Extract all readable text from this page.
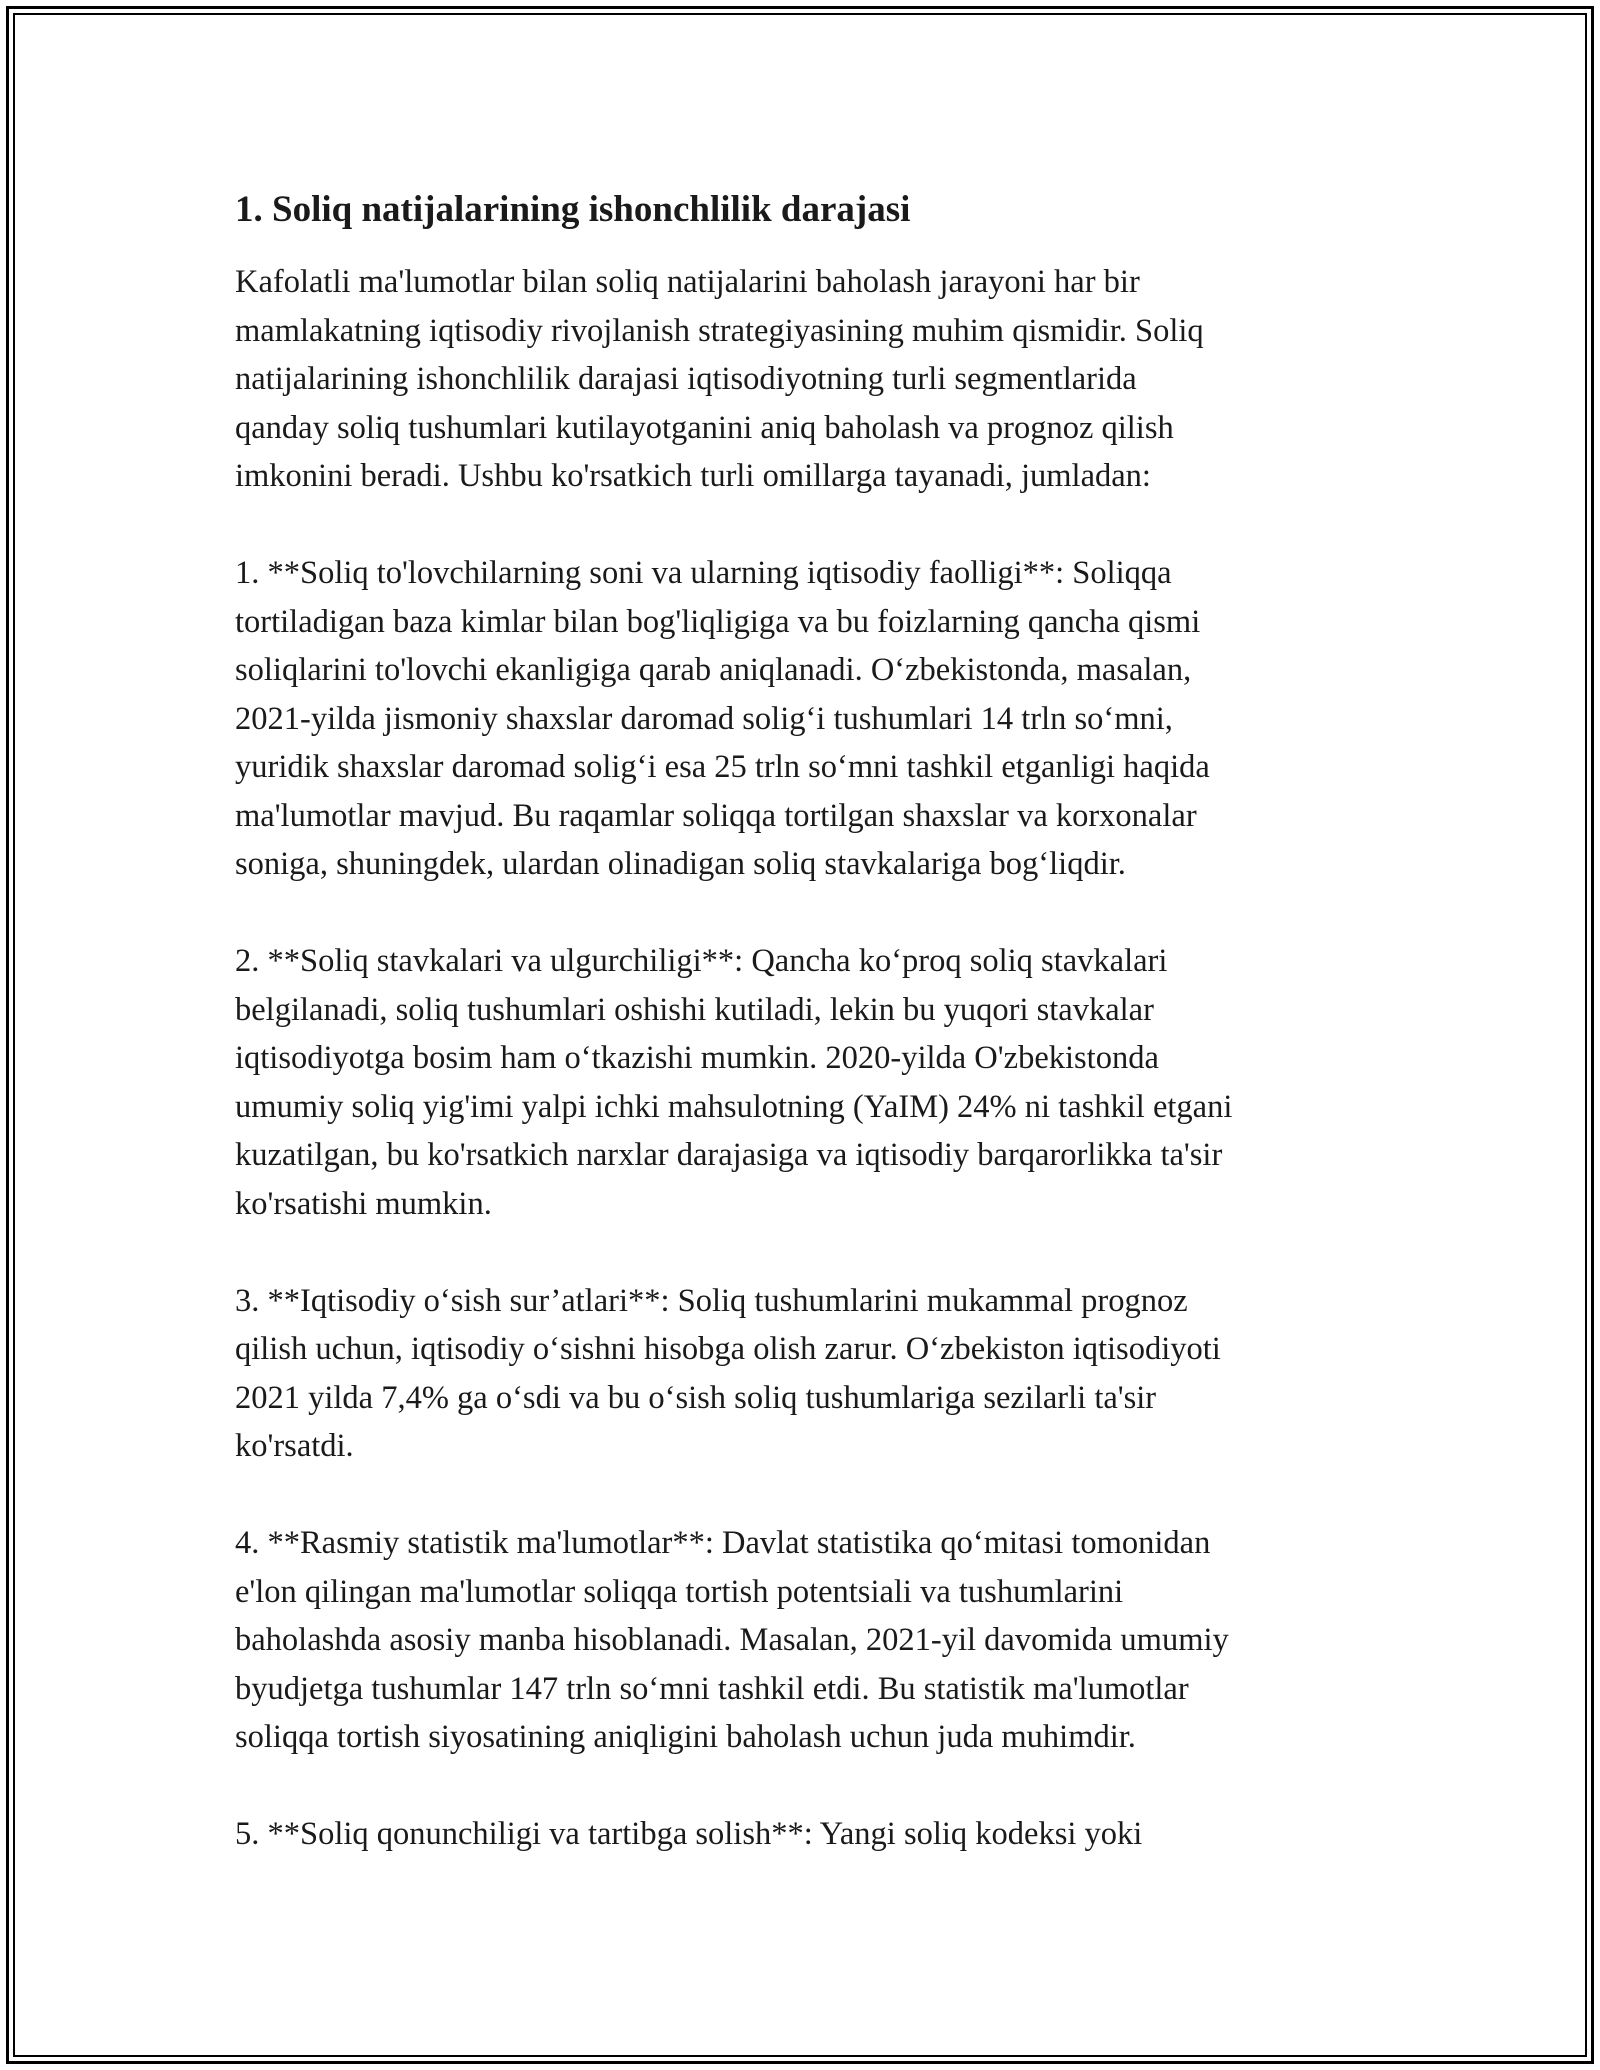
1. Soliq natijalarining ishonchlilik darajasi

Kafolatli ma'lumotlar bilan soliq natijalarini baholash jarayoni har bir
mamlakatning iqtisodiy rivojlanish strategiyasining muhim qismidir. Soliq
natijalarining ishonchlilik darajasi iqtisodiyotning turli segmentlarida
qanday soliq tushumlari kutilayotganini aniq baholash va prognoz qilish
imkonini beradi. Ushbu ko'rsatkich turli omillarga tayanadi, jumladan:

1. **Soliq to'lovchilarning soni va ularning iqtisodiy faolligi**: Soliqqa
tortiladigan baza kimlar bilan bog'liqligiga va bu foizlarning qancha qismi
soliqlarini to'lovchi ekanligiga qarab aniqlanadi. O‘zbekistonda, masalan,
2021-yilda jismoniy shaxslar daromad solig‘i tushumlari 14 trln so‘mni,
yuridik shaxslar daromad solig‘i esa 25 trln so‘mni tashkil etganligi haqida
ma'lumotlar mavjud. Bu raqamlar soliqqa tortilgan shaxslar va korxonalar
soniga, shuningdek, ulardan olinadigan soliq stavkalariga bog‘liqdir.

2. **Soliq stavkalari va ulgurchiligi**: Qancha ko‘proq soliq stavkalari
belgilanadi, soliq tushumlari oshishi kutiladi, lekin bu yuqori stavkalar
iqtisodiyotga bosim ham o‘tkazishi mumkin. 2020-yilda O'zbekistonda
umumiy soliq yig'imi yalpi ichki mahsulotning (YaIM) 24% ni tashkil etgani
kuzatilgan, bu ko'rsatkich narxlar darajasiga va iqtisodiy barqarorlikka ta'sir
ko'rsatishi mumkin.

3. **Iqtisodiy o‘sish sur’atlari**: Soliq tushumlarini mukammal prognoz
qilish uchun, iqtisodiy o‘sishni hisobga olish zarur. O‘zbekiston iqtisodiyoti
2021 yilda 7,4% ga o‘sdi va bu o‘sish soliq tushumlariga sezilarli ta'sir
ko'rsatdi.

4. **Rasmiy statistik ma'lumotlar**: Davlat statistika qo‘mitasi tomonidan
e'lon qilingan ma'lumotlar soliqqa tortish potentsiali va tushumlarini
baholashda asosiy manba hisoblanadi. Masalan, 2021-yil davomida umumiy
byudjetga tushumlar 147 trln so‘mni tashkil etdi. Bu statistik ma'lumotlar
soliqqa tortish siyosatining aniqligini baholash uchun juda muhimdir.

5. **Soliq qonunchiligi va tartibga solish**: Yangi soliq kodeksi yoki
